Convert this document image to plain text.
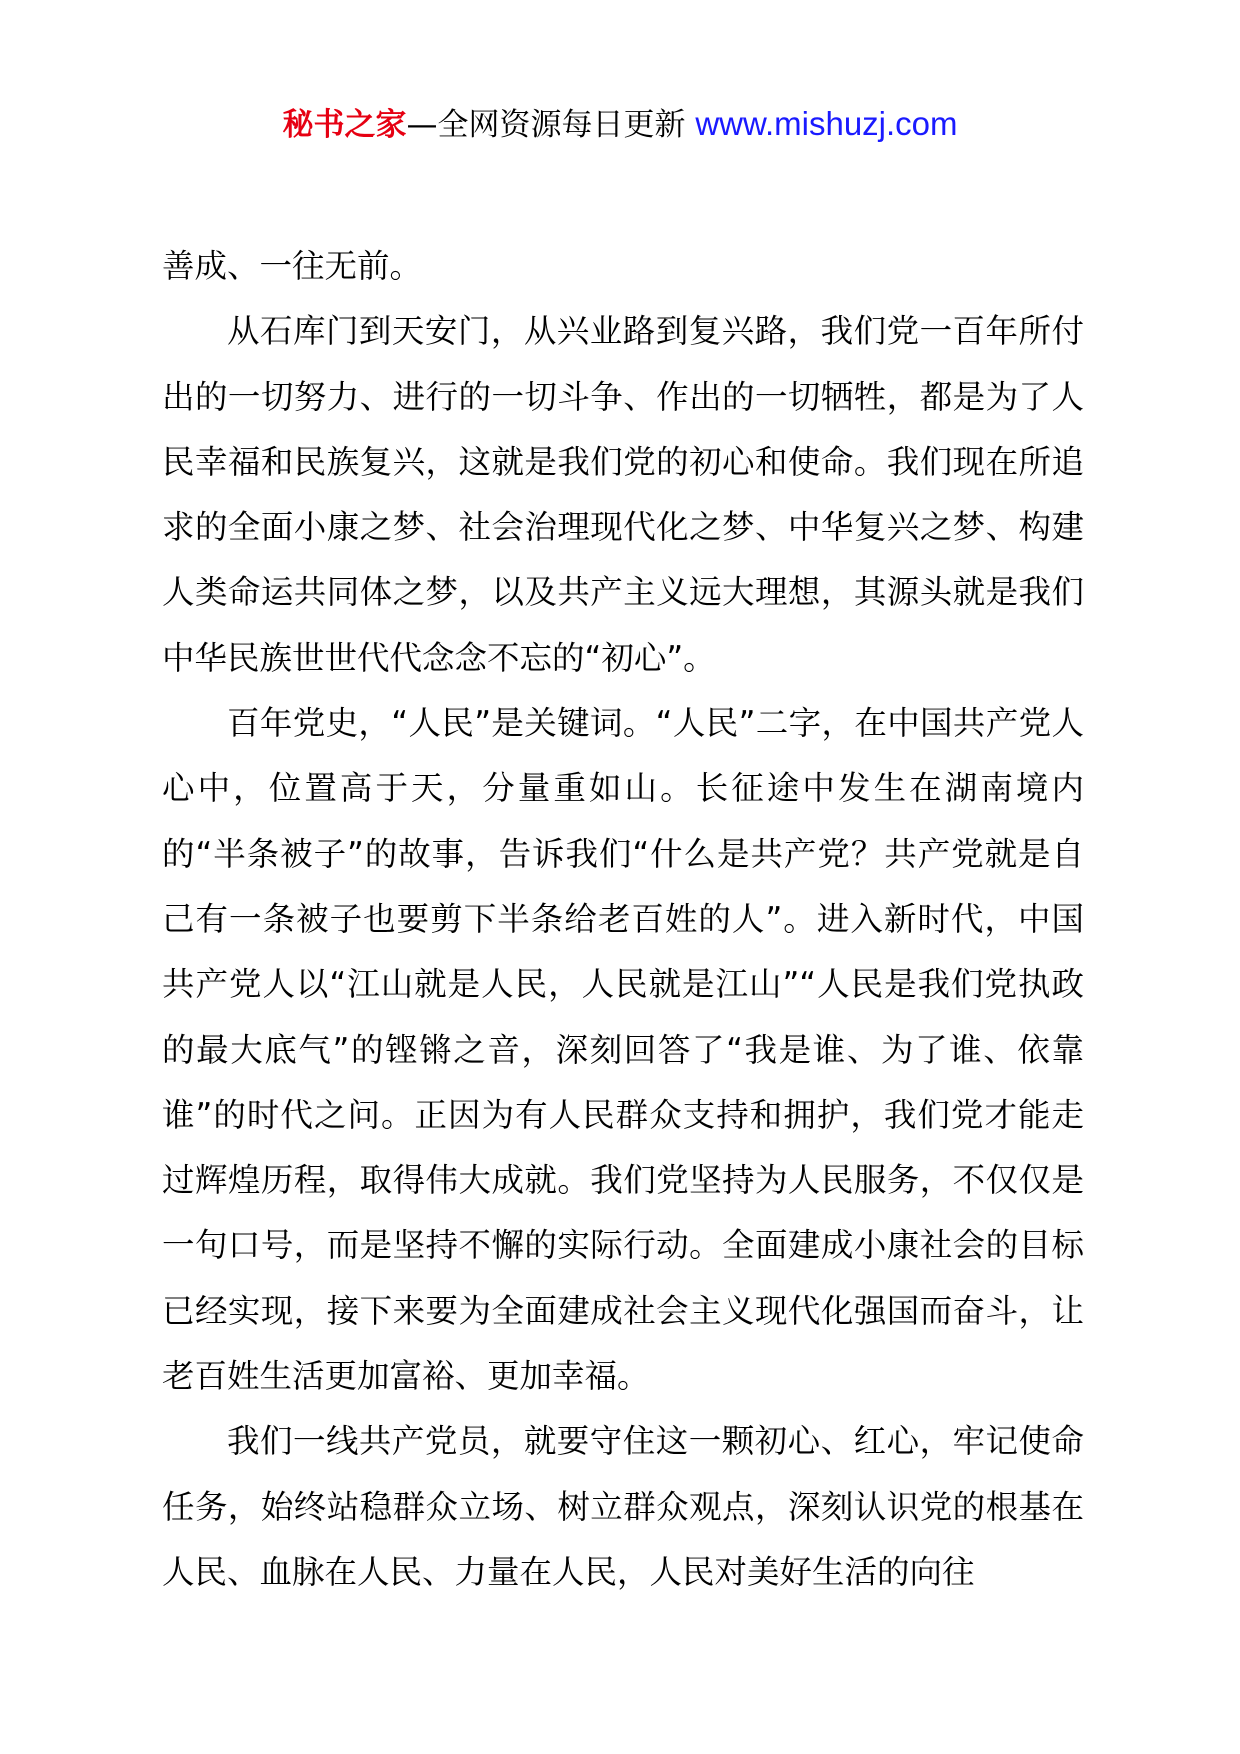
秘书之家—全网资源每日更新 www.mishuzj.com

善成、一往无前。

从石库门到天安门，从兴业路到复兴路，我们党一百年所付出的一切努力、进行的一切斗争、作出的一切牺牲，都是为了人民幸福和民族复兴，这就是我们党的初心和使命。我们现在所追求的全面小康之梦、社会治理现代化之梦、中华复兴之梦、构建人类命运共同体之梦，以及共产主义远大理想，其源头就是我们中华民族世世代代念念不忘的“初心”。

百年党史，“人民”是关键词。“人民”二字，在中国共产党人心中，位置高于天，分量重如山。长征途中发生在湖南境内的“半条被子”的故事，告诉我们“什么是共产党？共产党就是自己有一条被子也要剪下半条给老百姓的人”。进入新时代，中国共产党人以“江山就是人民，人民就是江山”“人民是我们党执政的最大底气”的铿锵之音，深刻回答了“我是谁、为了谁、依靠谁”的时代之问。正因为有人民群众支持和拥护，我们党才能走过辉煌历程，取得伟大成就。我们党坚持为人民服务，不仅仅是一句口号，而是坚持不懈的实际行动。全面建成小康社会的目标已经实现，接下来要为全面建成社会主义现代化强国而奋斗，让老百姓生活更加富裕、更加幸福。

我们一线共产党员，就要守住这一颗初心、红心，牢记使命任务，始终站稳群众立场、树立群众观点，深刻认识党的根基在人民、血脉在人民、力量在人民，人民对美好生活的向往
